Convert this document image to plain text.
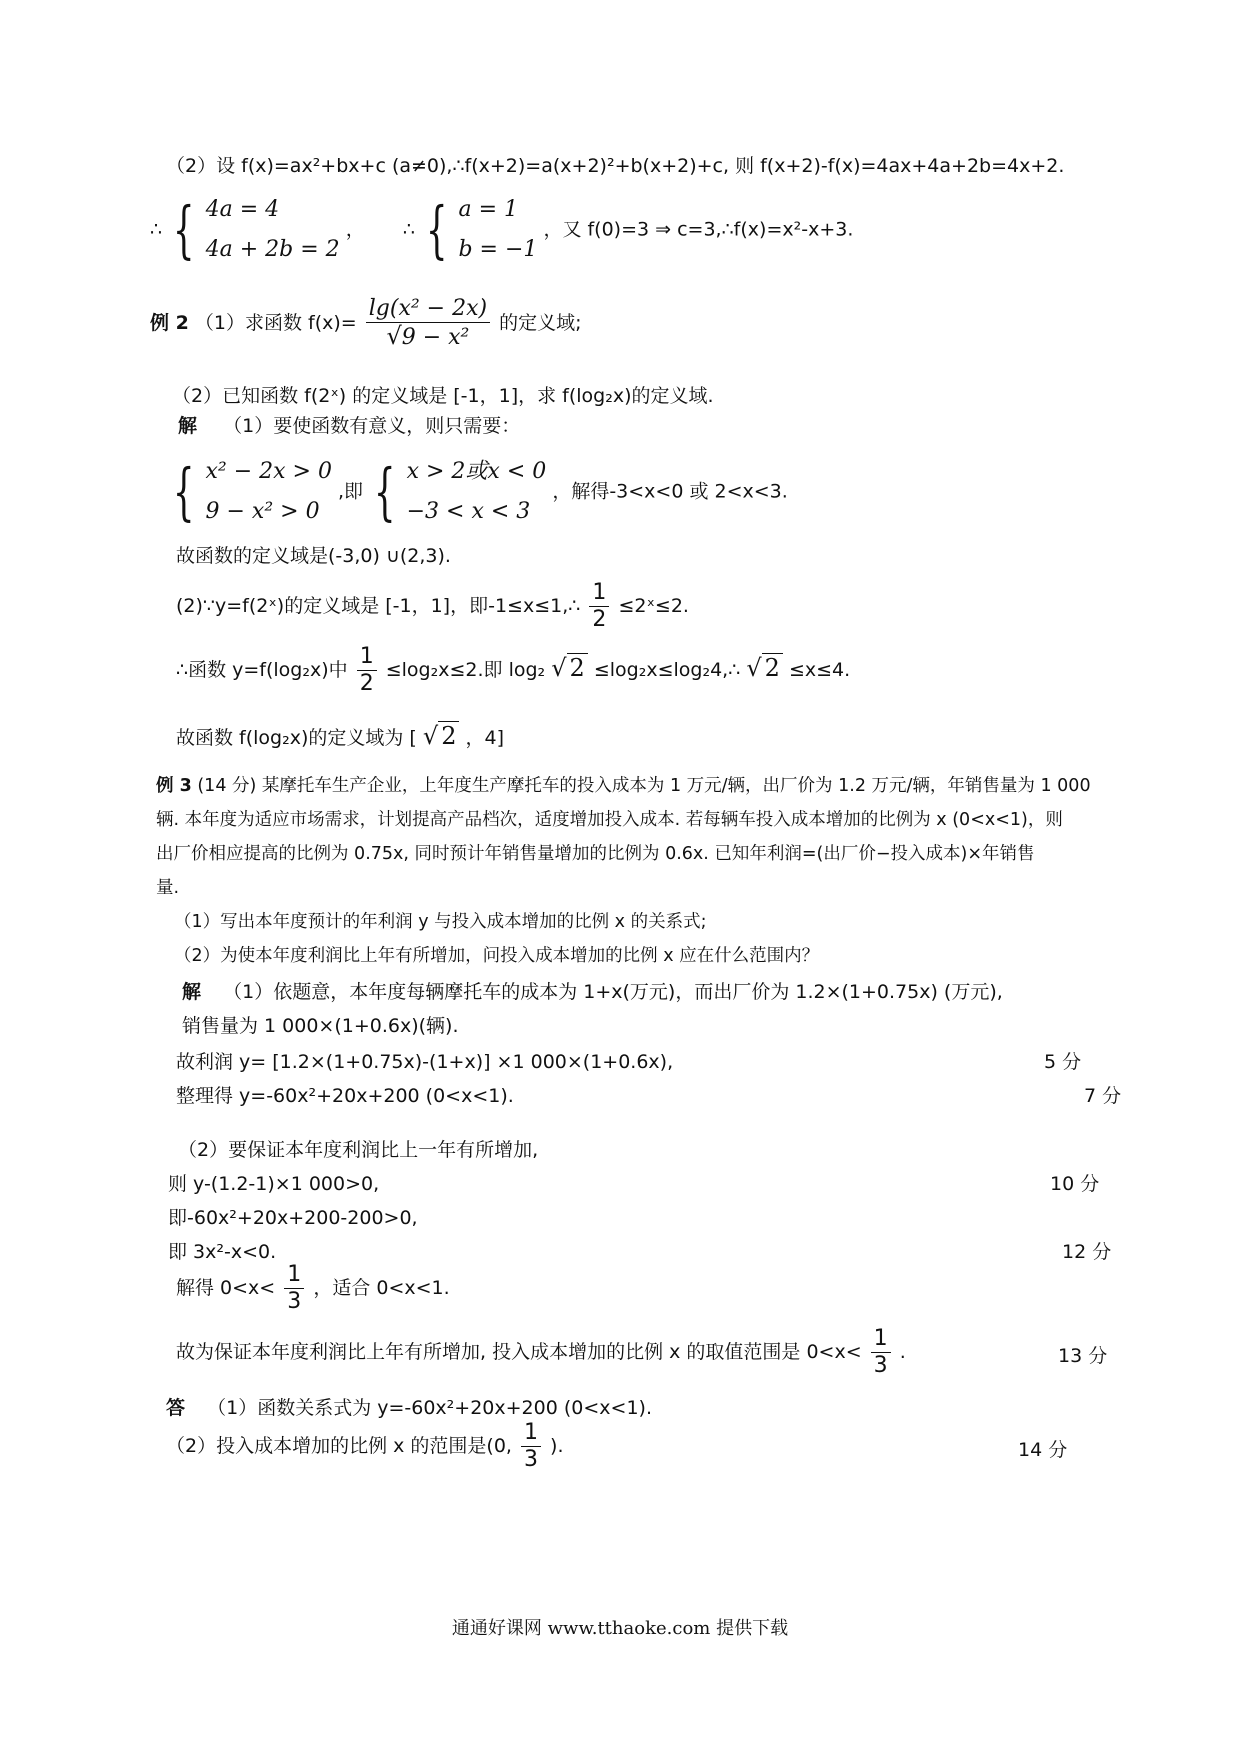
（2）设 f(x)=ax²+bx+c (a≠0),∴f(x+2)=a(x+2)²+b(x+2)+c, 则 f(x+2)-f(x)=4ax+4a+2b=4x+2.
∴ { 4a = 4
4a + 2b = 2
， ∴ { a = 1
b = −1
，又 f(0)=3 ⇒ c=3,∴f(x)=x²-x+3.
例 2 （1）求函数 $f(x)= \frac{\text{lg(x² − 2x)}}{\text{√9 − x²}}$ 的定义域;
（2）已知函数 f(2ˣ) 的定义域是 [-1，1]，求 f(log₂x)的定义域.
解 （1）要使函数有意义，则只需要：
{ x² − 2x > 0
9 − x² > 0
,即 { x > 2或x < 0
−3 < x < 3
，解得-3<x<0 或 2<x<3.
故函数的定义域是(-3,0) ∪(2,3).
(2)∵y=f(2ˣ)的定义域是 [-1，1]，即-1≤x≤1,∴ $\frac{1}{2}$ ≤2ˣ≤2.
∴函数 y=f(log₂x)中 $\frac{1}{2} \le\log_2x\le 2$.即 log₂ √ 2 ≤log₂x≤log₂4,∴ √ 2 ≤x≤4.
故函数 f(log₂x)的定义域为 [ √ 2 ，4]
例 3 (14 分) 某摩托车生产企业，上年度生产摩托车的投入成本为 1 万元/辆，出厂价为 1.2 万元/辆，年销售量为 1 000
辆. 本年度为适应市场需求，计划提高产品档次，适度增加投入成本. 若每辆车投入成本增加的比例为 x (0<x<1)，则
出厂价相应提高的比例为 0.75x, 同时预计年销售量增加的比例为 0.6x. 已知年利润=(出厂价−投入成本)×年销售
量.
（1）写出本年度预计的年利润 y 与投入成本增加的比例 x 的关系式;
（2）为使本年度利润比上年有所增加，问投入成本增加的比例 x 应在什么范围内？
解 （1）依题意，本年度每辆摩托车的成本为 1+x(万元)，而出厂价为 1.2×(1+0.75x) (万元),
销售量为 1 000×(1+0.6x)(辆).
故利润 y= [1.2×(1+0.75x)-(1+x)] ×1 000×(1+0.6x),	5 分
整理得 y=-60x²+20x+200 (0<x<1).	7 分
（2）要保证本年度利润比上一年有所增加,
则 y-(1.2-1)×1 000>0,	10 分
即-60x²+20x+200-200>0,
即 3x²-x<0.	12 分
解得 $0<x< \frac{1}{3}$ ，适合 0<x<1.
故为保证本年度利润比上年有所增加, 投入成本增加的比例 x 的取值范围是 $0<x< \frac{1}{3}$ .	13 分
答 （1）函数关系式为 y=-60x²+20x+200 (0<x<1).
（2）投入成本增加的比例 x 的范围是(0, $\frac{1}{3}$ ).	14 分
通通好课网 www.tthaoke.com 提供下载
